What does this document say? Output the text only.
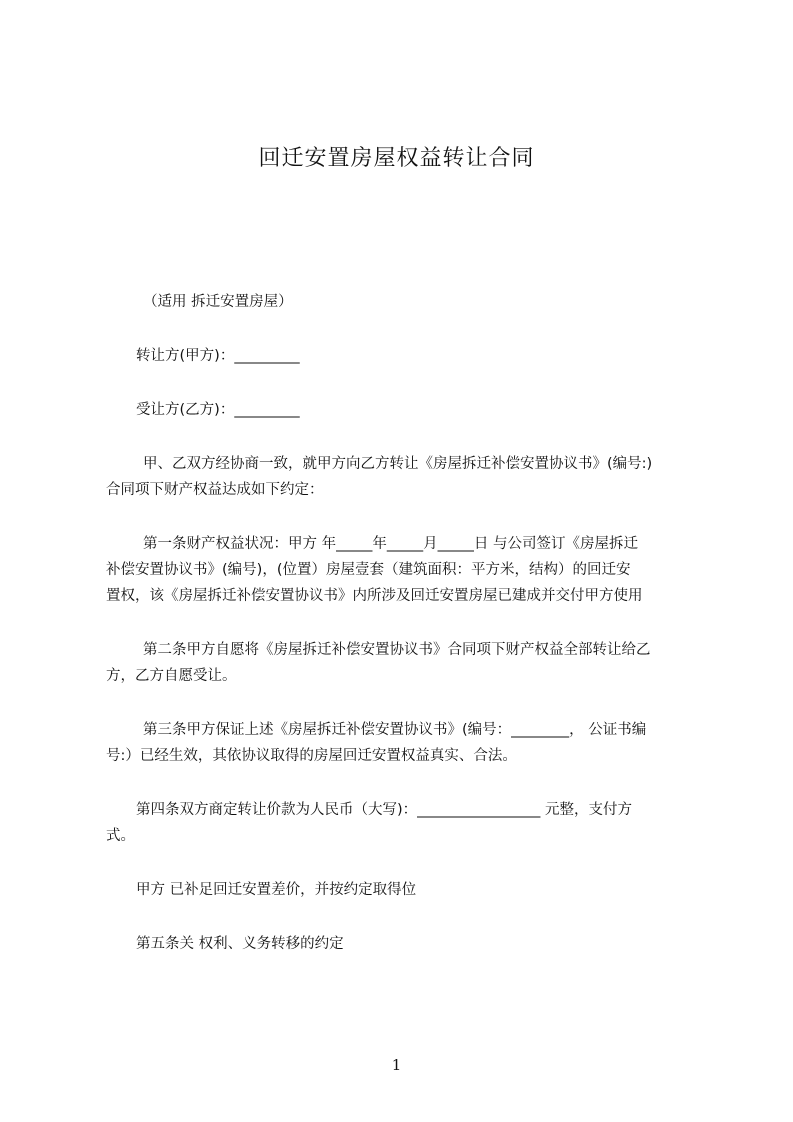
回迁安置房屋权益转让合同
（适用 拆迁安置房屋）
转让方(甲方)：_________
受让方(乙方)：_________
甲、乙双方经协商一致，就甲方向乙方转让《房屋拆迁补偿安置协议书》(编号:)
合同项下财产权益达成如下约定：
第一条财产权益状况：甲方 年_____年_____月_____日 与公司签订《房屋拆迁
补偿安置协议书》(编号)，(位置）房屋壹套（建筑面积：平方米，结构）的回迁安
置权，该《房屋拆迁补偿安置协议书》内所涉及回迁安置房屋已建成并交付甲方使用
第二条甲方自愿将《房屋拆迁补偿安置协议书》合同项下财产权益全部转让给乙
方，乙方自愿受让。
第三条甲方保证上述《房屋拆迁补偿安置协议书》(编号：________， 公证书编
号:）已经生效，其依协议取得的房屋回迁安置权益真实、合法。
第四条双方商定转让价款为人民币（大写)：_________________ 元整，支付方
式。
甲方 已补足回迁安置差价，并按约定取得位
第五条关 权利、义务转移的约定
1
